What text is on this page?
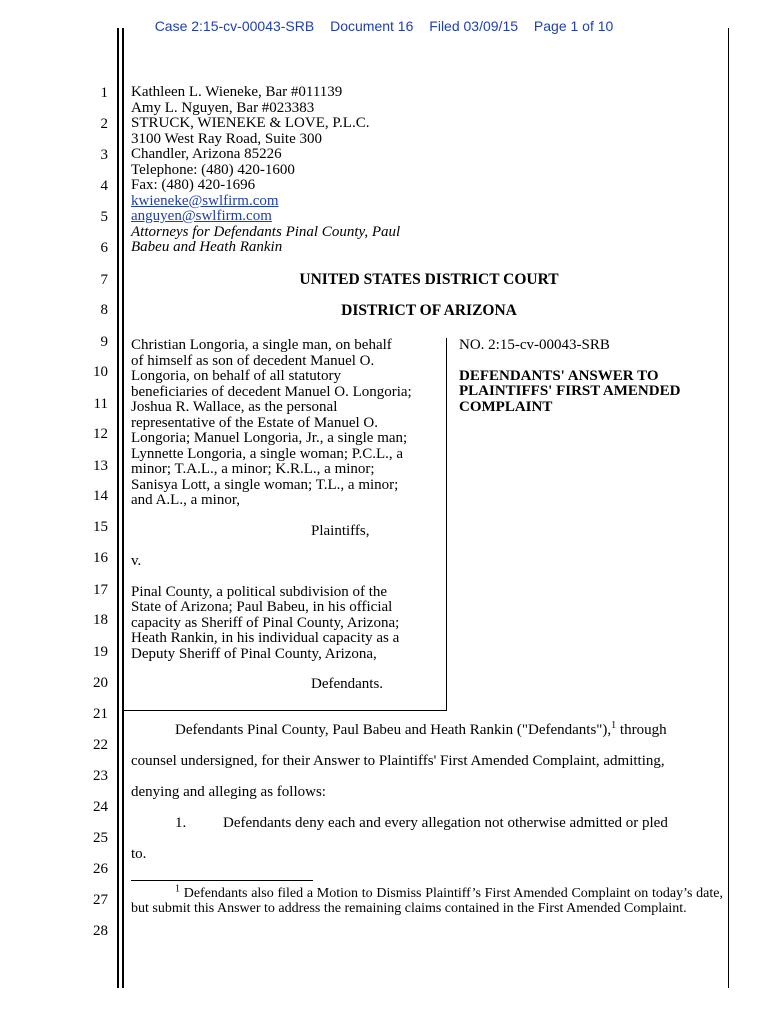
Case 2:15-cv-00043-SRB Document 16 Filed 03/09/15 Page 1 of 10
1
2
3
4
5
6
7
8
9
10
11
12
13
14
15
16
17
18
19
20
21
22
23
24
25
26
27
28
Kathleen L. Wieneke, Bar #011139
Amy L. Nguyen, Bar #023383
STRUCK, WIENEKE & LOVE, P.L.C.
3100 West Ray Road, Suite 300
Chandler, Arizona 85226
Telephone: (480) 420-1600
Fax: (480) 420-1696
kwieneke@swlfirm.com
anguyen@swlfirm.com
Attorneys for Defendants Pinal County, Paul
Babeu and Heath Rankin
UNITED STATES DISTRICT COURT
DISTRICT OF ARIZONA
Christian Longoria, a single man, on behalf
of himself as son of decedent Manuel O.
Longoria, on behalf of all statutory
beneficiaries of decedent Manuel O. Longoria;
Joshua R. Wallace, as the personal
representative of the Estate of Manuel O.
Longoria; Manuel Longoria, Jr., a single man;
Lynnette Longoria, a single woman; P.C.L., a
minor; T.A.L., a minor; K.R.L., a minor;
Sanisya Lott, a single woman; T.L., a minor;
and A.L., a minor,
Plaintiffs,
v.
Pinal County, a political subdivision of the
State of Arizona; Paul Babeu, in his official
capacity as Sheriff of Pinal County, Arizona;
Heath Rankin, in his individual capacity as a
Deputy Sheriff of Pinal County, Arizona,
Defendants.
NO. 2:15-cv-00043-SRB
DEFENDANTS' ANSWER TO
PLAINTIFFS' FIRST AMENDED
COMPLAINT
Defendants Pinal County, Paul Babeu and Heath Rankin ("Defendants"),$^1$ through
counsel undersigned, for their Answer to Plaintiffs' First Amended Complaint, admitting,
denying and alleging as follows:
1. Defendants deny each and every allegation not otherwise admitted or pled
to.
$^1$ Defendants also filed a Motion to Dismiss Plaintiff’s First Amended Complaint on today’s date, but submit this Answer to address the remaining claims contained in the First Amended Complaint.
